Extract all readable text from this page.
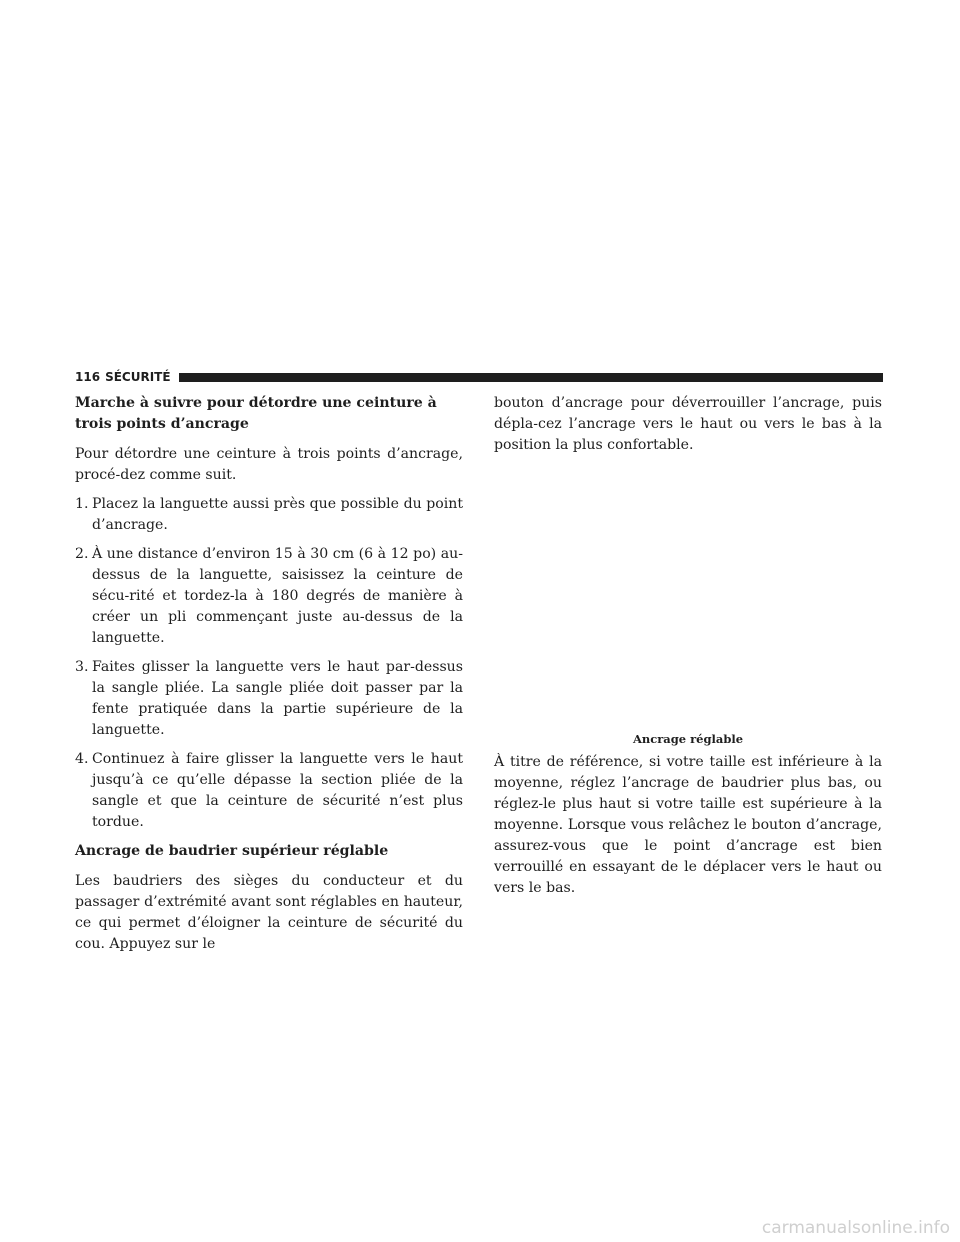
116 SÉCURITÉ
Marche à suivre pour détordre une ceinture à trois points d’ancrage

Pour détordre une ceinture à trois points d’ancrage, procé-dez comme suit.

1. Placez la languette aussi près que possible du point d’ancrage.
2. À une distance d’environ 15 à 30 cm (6 à 12 po) au-dessus de la languette, saisissez la ceinture de sécu-rité et tordez-la à 180 degrés de manière à créer un pli commençant juste au-dessus de la languette.
3. Faites glisser la languette vers le haut par-dessus la sangle pliée. La sangle pliée doit passer par la fente pratiquée dans la partie supérieure de la languette.
4. Continuez à faire glisser la languette vers le haut jusqu’à ce qu’elle dépasse la section pliée de la sangle et que la ceinture de sécurité n’est plus tordue.
Ancrage de baudrier supérieur réglable

Les baudriers des sièges du conducteur et du passager d’extrémité avant sont réglables en hauteur, ce qui permet d’éloigner la ceinture de sécurité du cou. Appuyez sur le

bouton d’ancrage pour déverrouiller l’ancrage, puis dépla-cez l’ancrage vers le haut ou vers le bas à la position la plus confortable.

Ancrage réglable

À titre de référence, si votre taille est inférieure à la moyenne, réglez l’ancrage de baudrier plus bas, ou réglez-le plus haut si votre taille est supérieure à la moyenne. Lorsque vous relâchez le bouton d’ancrage, assurez-vous que le point d’ancrage est bien verrouillé en essayant de le déplacer vers le haut ou vers le bas.

carmanualsonline.info
